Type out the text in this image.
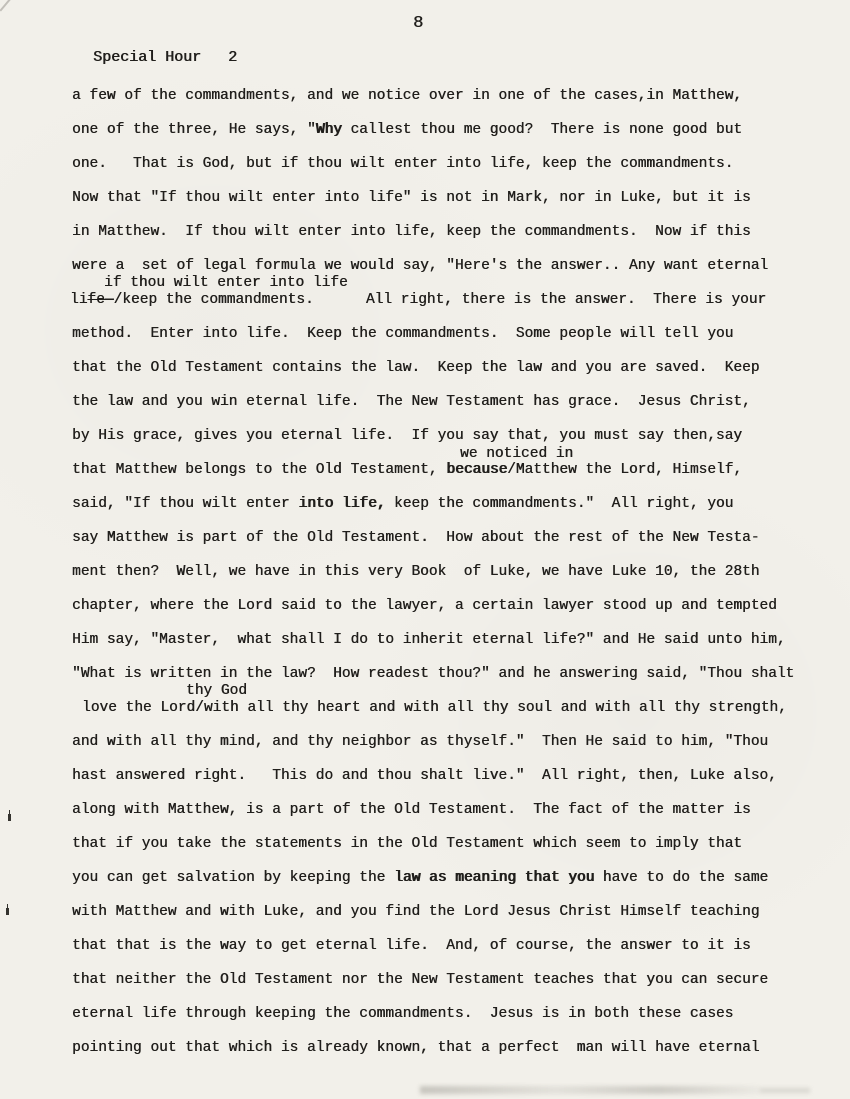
8
Special Hour   2
a few of the commandments, and we notice over in one of the cases,in Matthew,
one of the three, He says, "Why callest thou me good?  There is none good but
one.   That is God, but if thou wilt enter into life, keep the commandments.
Now that "If thou wilt enter into life" is not in Mark, nor in Luke, but it is
in Matthew.  If thou wilt enter into life, keep the commandments.  Now if this
were a  set of legal formula we would say, "Here's the answer.. Any want eternal
if thou wilt enter into life
life—/keep the commandments.      All right, there is the answer.  There is your
method.  Enter into life.  Keep the commandments.  Some people will tell you
that the Old Testament contains the law.  Keep the law and you are saved.  Keep
the law and you win eternal life.  The New Testament has grace.  Jesus Christ,
by His grace, gives you eternal life.  If you say that, you must say then,say
we noticed in
that Matthew belongs to the Old Testament, because/Matthew the Lord, Himself,
said, "If thou wilt enter into life, keep the commandments."  All right, you
say Matthew is part of the Old Testament.  How about the rest of the New Testa-
ment then?  Well, we have in this very Book  of Luke, we have Luke 10, the 28th
chapter, where the Lord said to the lawyer, a certain lawyer stood up and tempted
Him say, "Master,  what shall I do to inherit eternal life?" and He said unto him,
"What is written in the law?  How readest thou?" and he answering said, "Thou shalt
thy God
love the Lord/with all thy heart and with all thy soul and with all thy strength,
and with all thy mind, and thy neighbor as thyself."  Then He said to him, "Thou
hast answered right.   This do and thou shalt live."  All right, then, Luke also,
along with Matthew, is a part of the Old Testament.  The fact of the matter is
that if you take the statements in the Old Testament which seem to imply that
you can get salvation by keeping the law as meaning that you have to do the same
with Matthew and with Luke, and you find the Lord Jesus Christ Himself teaching
that that is the way to get eternal life.  And, of course, the answer to it is
that neither the Old Testament nor the New Testament teaches that you can secure
eternal life through keeping the commandments.  Jesus is in both these cases
pointing out that which is already known, that a perfect  man will have eternal
